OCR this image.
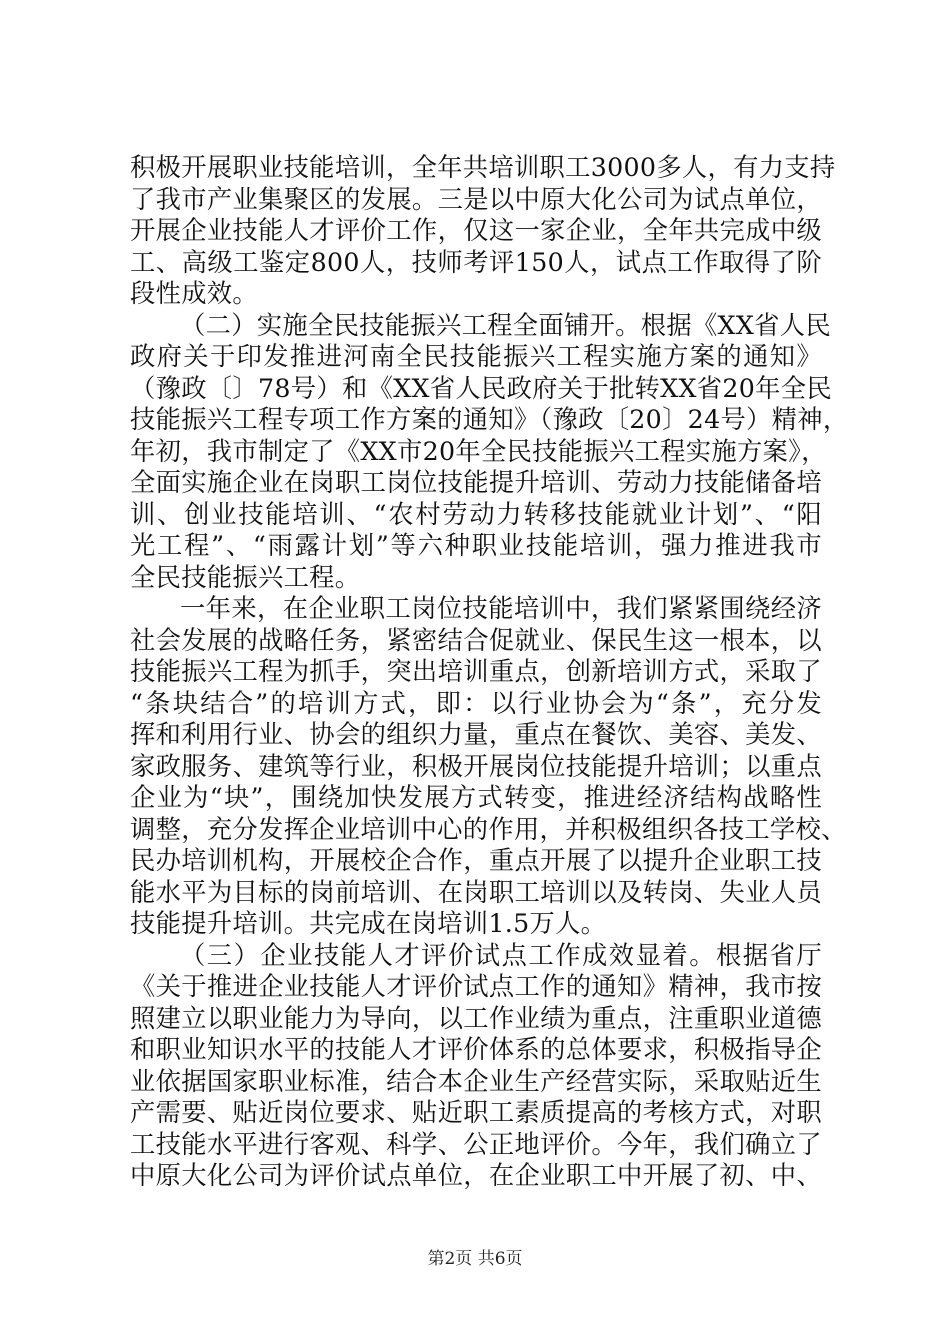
积极开展职业技能培训，全年共培训职工3000多人，有力支持
了我市产业集聚区的发展。三是以中原大化公司为试点单位，
开展企业技能人才评价工作，仅这一家企业，全年共完成中级
工、高级工鉴定800人，技师考评150人，试点工作取得了阶
段性成效。
（二）实施全民技能振兴工程全面铺开。根据《XX省人民
政府关于印发推进河南全民技能振兴工程实施方案的通知》
（豫政〔〕78号）和《XX省人民政府关于批转XX省20年全民
技能振兴工程专项工作方案的通知》（豫政〔20〕24号）精神，
年初，我市制定了《XX市20年全民技能振兴工程实施方案》，
全面实施企业在岗职工岗位技能提升培训、劳动力技能储备培
训、创业技能培训、“农村劳动力转移技能就业计划”、“阳
光工程”、“雨露计划”等六种职业技能培训，强力推进我市
全民技能振兴工程。
一年来，在企业职工岗位技能培训中，我们紧紧围绕经济
社会发展的战略任务，紧密结合促就业、保民生这一根本，以
技能振兴工程为抓手，突出培训重点，创新培训方式，采取了
“条块结合”的培训方式，即：以行业协会为“条”，充分发
挥和利用行业、协会的组织力量，重点在餐饮、美容、美发、
家政服务、建筑等行业，积极开展岗位技能提升培训；以重点
企业为“块”，围绕加快发展方式转变，推进经济结构战略性
调整，充分发挥企业培训中心的作用，并积极组织各技工学校、
民办培训机构，开展校企合作，重点开展了以提升企业职工技
能水平为目标的岗前培训、在岗职工培训以及转岗、失业人员
技能提升培训。共完成在岗培训1.5万人。
（三）企业技能人才评价试点工作成效显着。根据省厅
《关于推进企业技能人才评价试点工作的通知》精神，我市按
照建立以职业能力为导向，以工作业绩为重点，注重职业道德
和职业知识水平的技能人才评价体系的总体要求，积极指导企
业依据国家职业标准，结合本企业生产经营实际，采取贴近生
产需要、贴近岗位要求、贴近职工素质提高的考核方式，对职
工技能水平进行客观、科学、公正地评价。今年，我们确立了
中原大化公司为评价试点单位，在企业职工中开展了初、中、
第2页 共6页
